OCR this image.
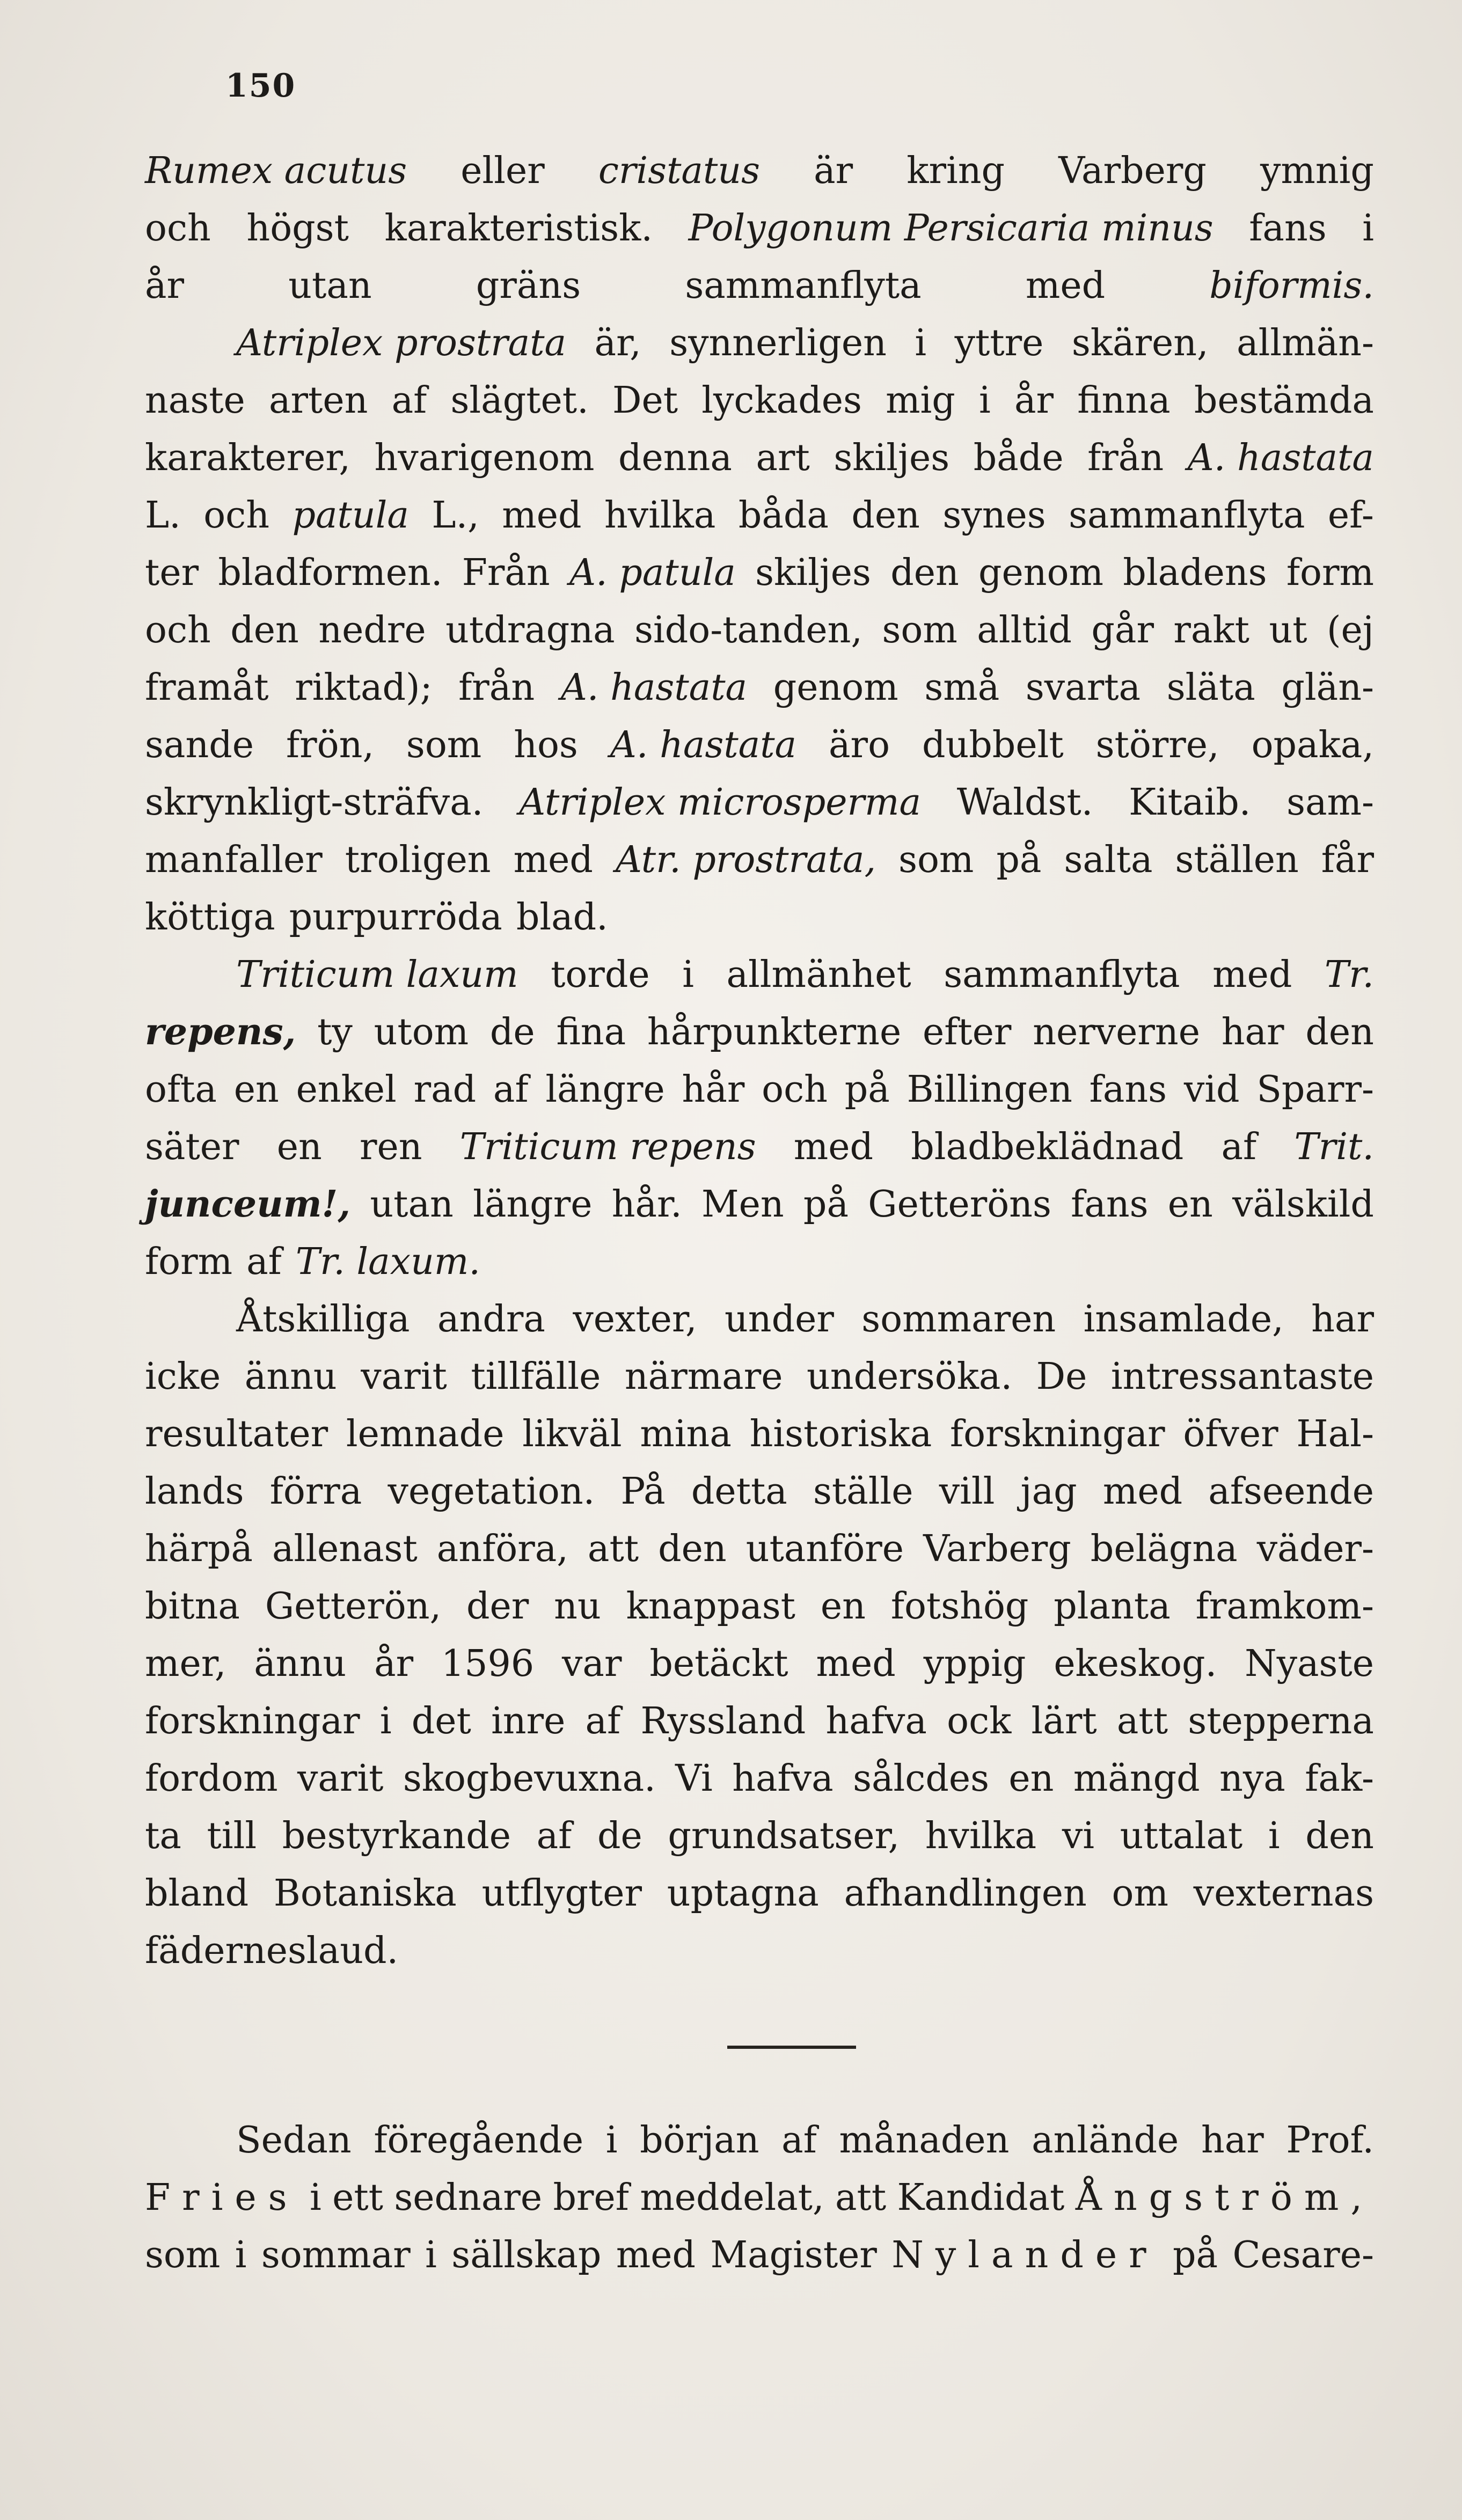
150
Rumex acutus eller cristatus är kring Varberg ymnig
och högst karakteristisk. Polygonum Persicaria minus fans i
år	utan	gräns	sammanflyta	med	biformis.
Atriplex prostrata är, synnerligen i yttre skären, allmän-
naste arten af slägtet. Det lyckades mig i år finna bestämda
karakterer, hvarigenom denna art skiljes både från A. hastata
L. och patula L., med hvilka båda den synes sammanflyta ef-
ter bladformen. Från A. patula skiljes den genom bladens form
och den nedre utdragna sido-tanden, som alltid går rakt ut (ej
framåt riktad); från A. hastata genom små svarta släta glän-
sande frön, som hos A. hastata äro dubbelt större, opaka,
skrynkligt-sträfva. Atriplex microsperma Waldst. Kitaib. sam-
manfaller troligen med Atr. prostrata, som på salta ställen får
köttiga purpurröda blad.
Triticum laxum torde i allmänhet sammanflyta med Tr.
repens, ty utom de fina hårpunkterne efter nerverne har den
ofta en enkel rad af längre hår och på Billingen fans vid Sparr-
säter en ren Triticum repens med bladbeklädnad af Trit.
junceum!, utan längre hår. Men på Getteröns fans en välskild
form af Tr. laxum.
Åtskilliga andra vexter, under sommaren insamlade, har
icke ännu varit tillfälle närmare undersöka. De intressantaste
resultater lemnade likväl mina historiska forskningar öfver Hal-
lands förra vegetation. På detta ställe vill jag med afseende
härpå allenast anföra, att den utanföre Varberg belägna väder-
bitna Getterön, der nu knappast en fotshög planta framkom-
mer, ännu år 1596 var betäckt med yppig ekeskog. Nyaste
forskningar i det inre af Ryssland hafva ock lärt att stepperna
fordom varit skogbevuxna. Vi hafva sålcdes en mängd nya fak-
ta till bestyrkande af de grundsatser, hvilka vi uttalat i den
bland Botaniska utflygter uptagna afhandlingen om vexternas
fäderneslaud.
Sedan föregående i början af månaden anlände har Prof.
Fries i ett sednare bref meddelat, att Kandidat Ångström,
som i sommar i sällskap med Magister Nylander på Cesare-
